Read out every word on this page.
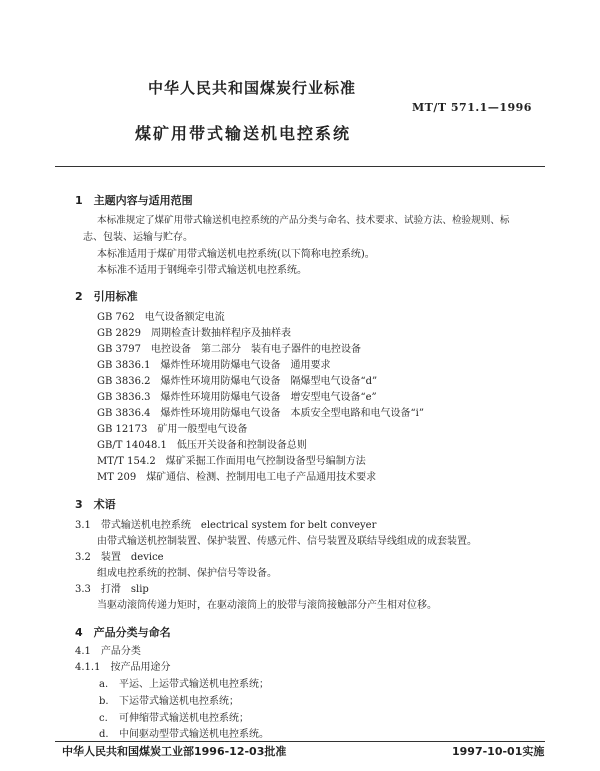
中华人民共和国煤炭行业标准
MT/T 571.1—1996
煤矿用带式输送机电控系统
1　主题内容与适用范围
本标准规定了煤矿用带式输送机电控系统的产品分类与命名、技术要求、试验方法、检验规则、标
志、包装、运输与贮存。
本标准适用于煤矿用带式输送机电控系统(以下简称电控系统)。
本标准不适用于钢绳牵引带式输送机电控系统。
2　引用标准
GB 762　 电气设备额定电流
GB 2829　 周期检查计数抽样程序及抽样表
GB 3797　 电控设备　第二部分　装有电子器件的电控设备
GB 3836.1　 爆炸性环境用防爆电气设备　通用要求
GB 3836.2　 爆炸性环境用防爆电气设备　隔爆型电气设备“d”
GB 3836.3　 爆炸性环境用防爆电气设备　增安型电气设备“e”
GB 3836.4　 爆炸性环境用防爆电气设备　本质安全型电路和电气设备“i”
GB 12173　 矿用一般型电气设备
GB/T 14048.1　 低压开关设备和控制设备总则
MT/T 154.2　 煤矿采掘工作面用电气控制设备型号编制方法
MT 209　 煤矿通信、检测、控制用电工电子产品通用技术要求
3　术语
3.1　 带式输送机电控系统　electrical system for belt conveyer
由带式输送机控制装置、保护装置、传感元件、信号装置及联结导线组成的成套装置。
3.2　 装置　device
组成电控系统的控制、保护信号等设备。
3.3　 打滑　slip
当驱动滚筒传递力矩时，在驱动滚筒上的胶带与滚筒接触部分产生相对位移。
4　产品分类与命名
4.1　产品分类
4.1.1　按产品用途分
a. 平运、上运带式输送机电控系统；
b. 下运带式输送机电控系统；
c. 可伸缩带式输送机电控系统；
d. 中间驱动型带式输送机电控系统。
中华人民共和国煤炭工业部1996-12-03批准	1997-10-01实施
